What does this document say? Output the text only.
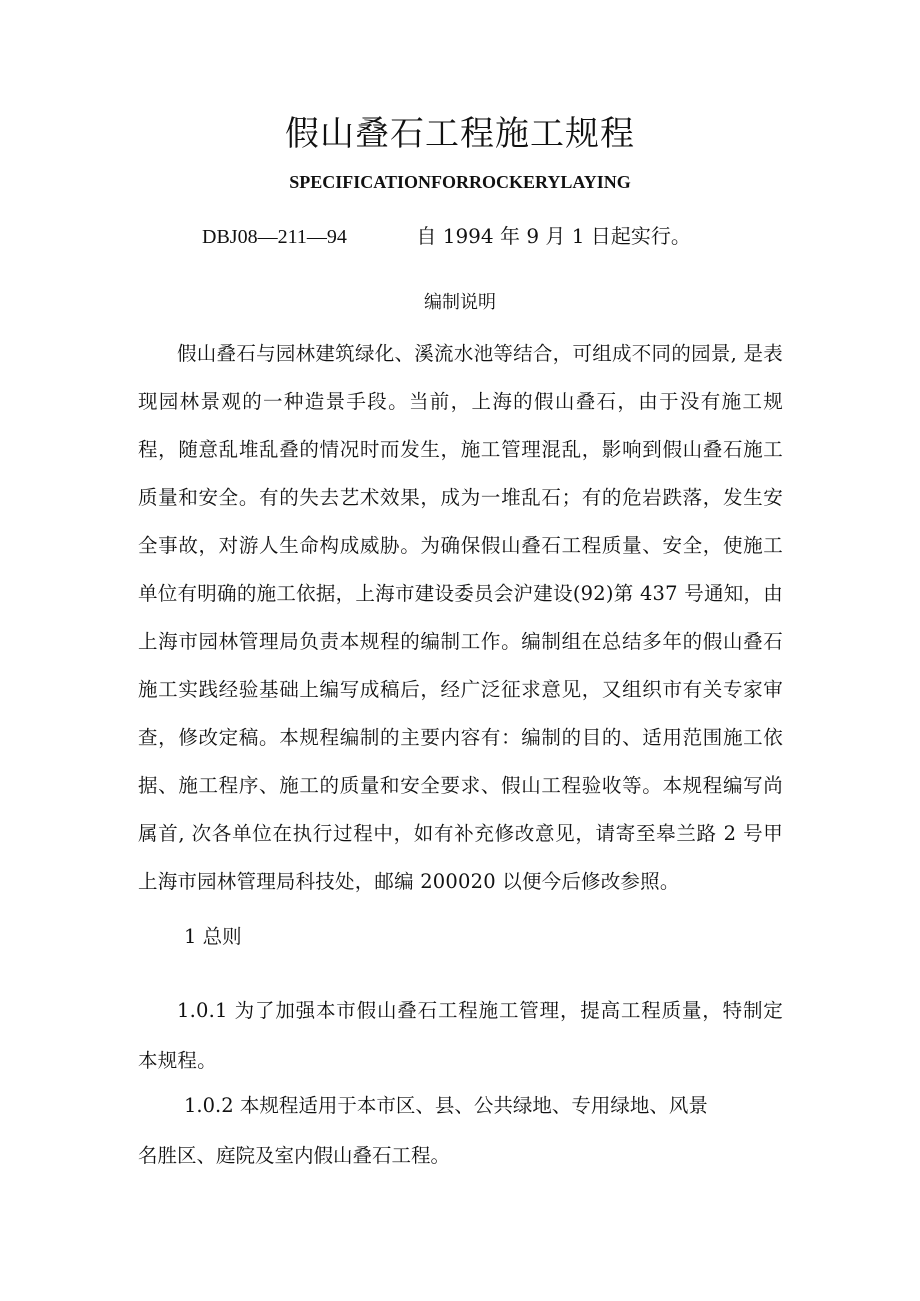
假山叠石工程施工规程
SPECIFICATIONFORROCKERYLAYING
DBJ08—211—94	自 1994 年 9 月 1 日起实行。
编制说明
假山叠石与园林建筑绿化、溪流水池等结合，可组成不同的园景, 是表现园林景观的一种造景手段。当前，上海的假山叠石，由于没有施工规程，随意乱堆乱叠的情况时而发生，施工管理混乱，影响到假山叠石施工质量和安全。有的失去艺术效果，成为一堆乱石；有的危岩跌落，发生安全事故，对游人生命构成威胁。为确保假山叠石工程质量、安全，使施工单位有明确的施工依据，上海市建设委员会沪建设(92)第 437 号通知，由上海市园林管理局负责本规程的编制工作。编制组在总结多年的假山叠石施工实践经验基础上编写成稿后，经广泛征求意见，又组织市有关专家审查，修改定稿。本规程编制的主要内容有：编制的目的、适用范围施工依据、施工程序、施工的质量和安全要求、假山工程验收等。本规程编写尚属首, 次各单位在执行过程中，如有补充修改意见，请寄至皋兰路 2 号甲上海市园林管理局科技处，邮编 200020 以便今后修改参照。
1 总则
1.0.1 为了加强本市假山叠石工程施工管理，提高工程质量，特制定本规程。
1.0.2 本规程适用于本市区、县、公共绿地、专用绿地、风景
名胜区、庭院及室内假山叠石工程。
